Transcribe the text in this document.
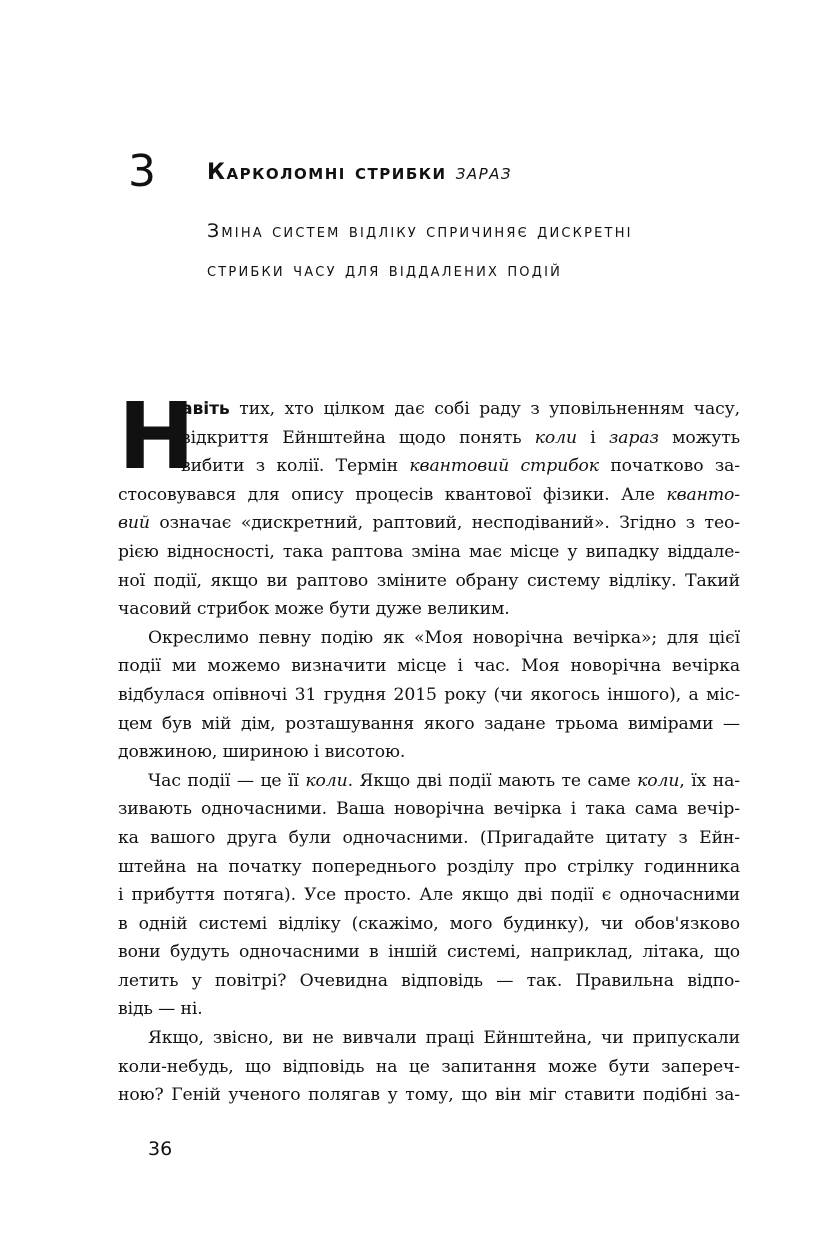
3 Карколомні стрибки зараз
Зміна систем відліку спричиняє дискретні
стрибки часу для віддалених подій
Н
авіть тих, хто цілком дає собі раду з уповільненням часу,
відкриття Ейнштейна щодо понять коли і зараз можуть
вибити з колії. Термін квантовий стрибок початково за-
стосовувався для опису процесів квантової фізики. Але кванто-
вий означає «дискретний, раптовий, несподіваний». Згідно з тео-
рією відносності, така раптова зміна має місце у випадку віддале-
ної події, якщо ви раптово зміните обрану систему відліку. Такий
часовий стрибок може бути дуже великим.
Окреслимо певну подію як «Моя новорічна вечірка»; для цієї
події ми можемо визначити місце і час. Моя новорічна вечірка
відбулася опівночі 31 грудня 2015 року (чи якогось іншого), а міс-
цем був мій дім, розташування якого задане трьома вимірами —
довжиною, шириною і висотою.
Час події — це її коли. Якщо дві події мають те саме коли, їх на-
зивають одночасними. Ваша новорічна вечірка і така сама вечір-
ка вашого друга були одночасними. (Пригадайте цитату з Ейн-
штейна на початку попереднього розділу про стрілку годинника
і прибуття потяга). Усе просто. Але якщо дві події є одночасними
в одній системі відліку (скажімо, мого будинку), чи обов'язково
вони будуть одночасними в іншій системі, наприклад, літака, що
летить у повітрі? Очевидна відповідь — так. Правильна відпо-
відь — ні.
Якщо, звісно, ви не вивчали праці Ейнштейна, чи припускали
коли-небудь, що відповідь на це запитання може бути запереч-
ною? Геній ученого полягав у тому, що він міг ставити подібні за-
36
